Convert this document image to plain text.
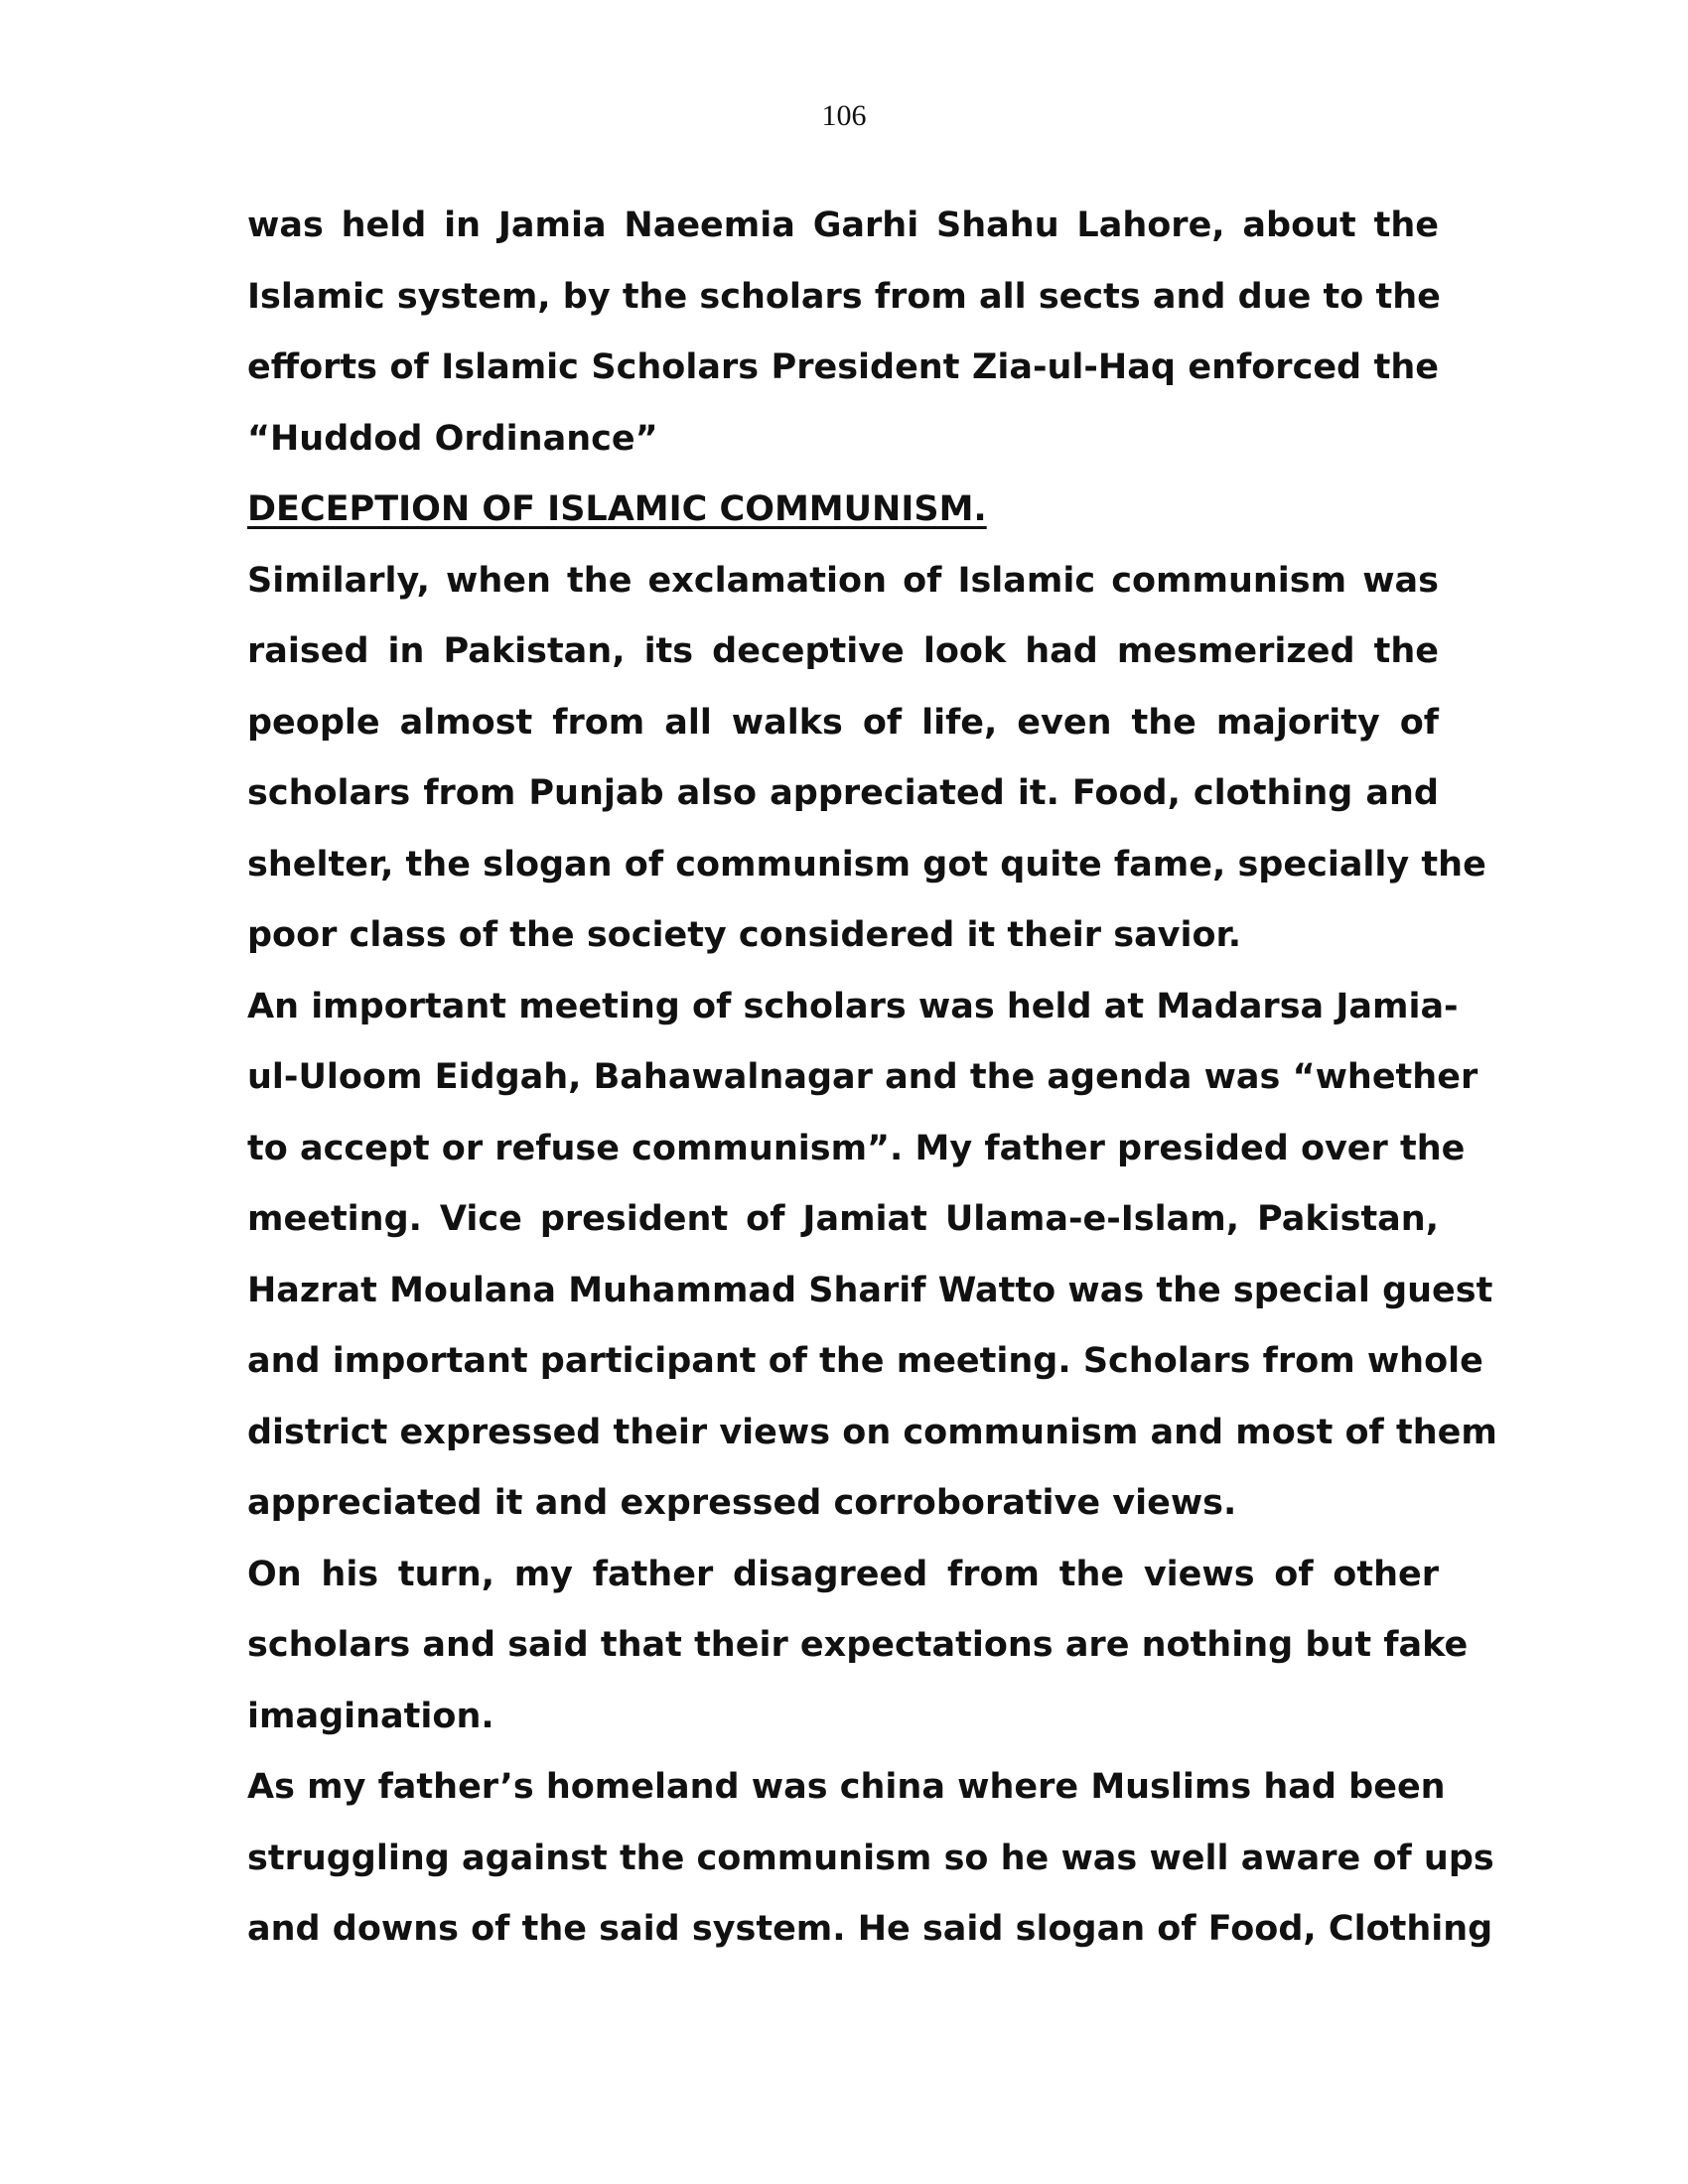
106
was held in Jamia Naeemia Garhi Shahu Lahore, about the
Islamic system, by the scholars from all sects and due to the
efforts of Islamic Scholars President Zia-ul-Haq enforced the
“Huddod Ordinance”
DECEPTION OF ISLAMIC COMMUNISM.
Similarly, when the exclamation of Islamic communism was
raised in Pakistan, its deceptive look had mesmerized the
people almost from all walks of life, even the majority of
scholars from Punjab also appreciated it. Food, clothing and
shelter, the slogan of communism got quite fame, specially the
poor class of the society considered it their savior.
An important meeting of scholars was held at Madarsa Jamia-
ul-Uloom Eidgah, Bahawalnagar and the agenda was “whether
to accept or refuse communism”. My father presided over the
meeting. Vice president of Jamiat Ulama-e-Islam, Pakistan,
Hazrat Moulana Muhammad Sharif Watto was the special guest
and important participant of the meeting. Scholars from whole
district expressed their views on communism and most of them
appreciated it and expressed corroborative views.
On his turn, my father disagreed from the views of other
scholars and said that their expectations are nothing but fake
imagination.
As my father’s homeland was china where Muslims had been
struggling against the communism so he was well aware of ups
and downs of the said system. He said slogan of Food, Clothing
